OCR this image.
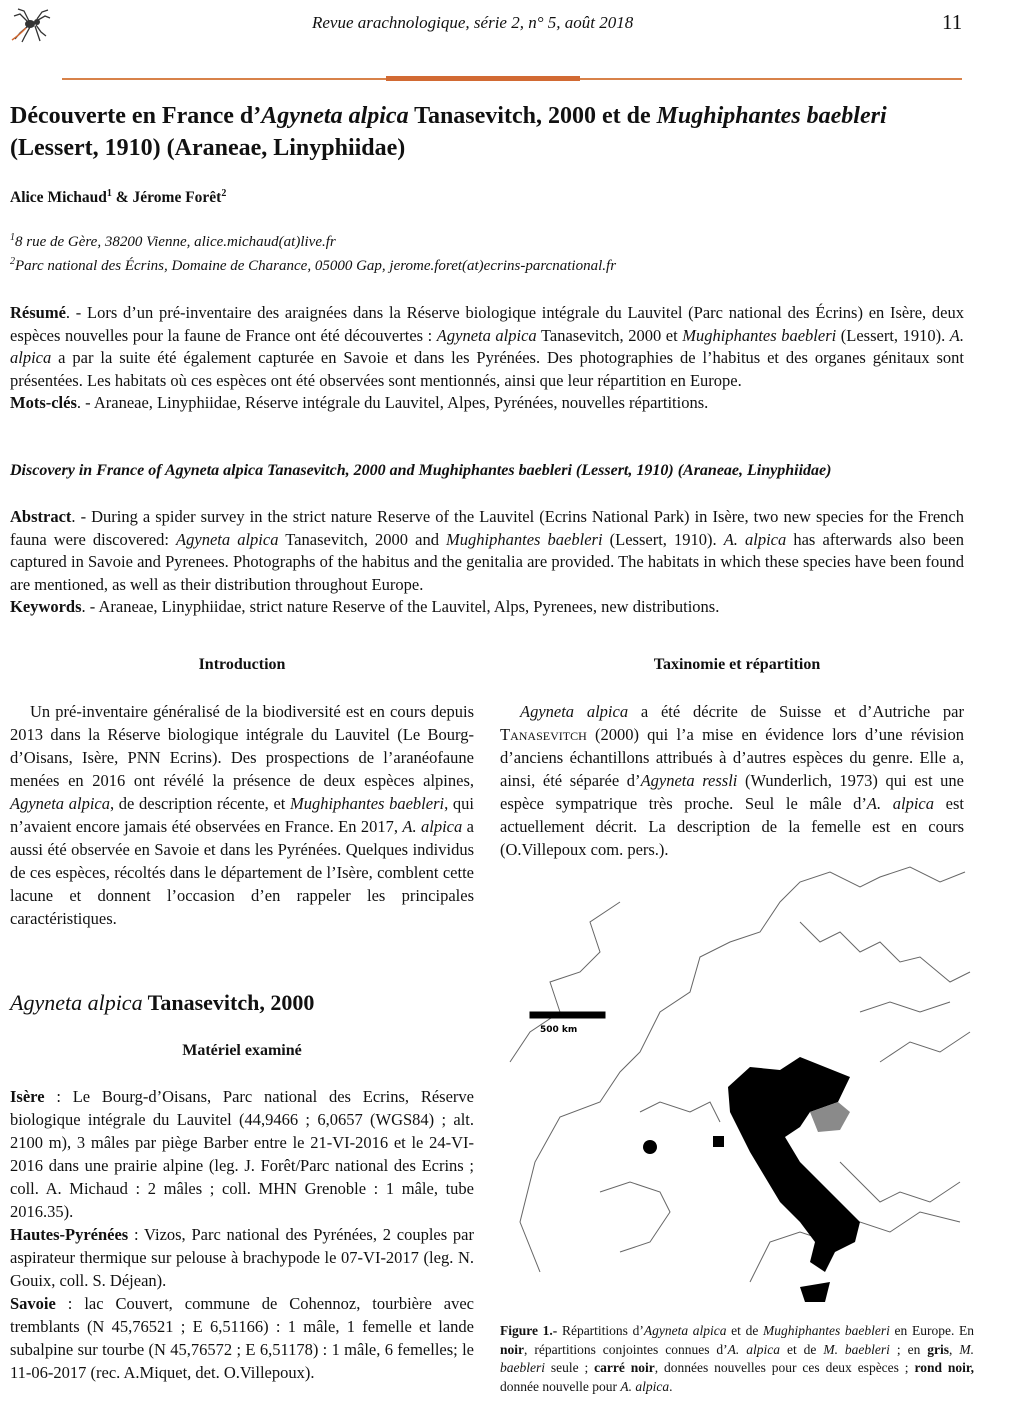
Revue arachnologique, série 2, n° 5, août 2018	11
Découverte en France d’Agyneta alpica Tanasevitch, 2000 et de Mughiphantes baebleri (Lessert, 1910) (Araneae, Linyphiidae)
Alice Michaud$^1$ & Jérome Forêt$^2$
$^1$8 rue de Gère, 38200 Vienne, alice.michaud(at)live.fr
$^2$Parc national des Écrins, Domaine de Charance, 05000 Gap, jerome.foret(at)ecrins-parcnational.fr

Résumé. - Lors d’un pré-inventaire des araignées dans la Réserve biologique intégrale du Lauvitel (Parc national des Écrins) en Isère, deux espèces nouvelles pour la faune de France ont été découvertes : Agyneta alpica Tanasevitch, 2000 et Mughiphantes baebleri (Lessert, 1910). A. alpica a par la suite été également capturée en Savoie et dans les Pyrénées. Des photographies de l’habitus et des organes génitaux sont présentées. Les habitats où ces espèces ont été observées sont mentionnés, ainsi que leur répartition en Europe.

Mots-clés. - Araneae, Linyphiidae, Réserve intégrale du Lauvitel, Alpes, Pyrénées, nouvelles répartitions.

Discovery in France of Agyneta alpica Tanasevitch, 2000 and Mughiphantes baebleri (Lessert, 1910) (Araneae, Linyphiidae)

Abstract. - During a spider survey in the strict nature Reserve of the Lauvitel (Ecrins National Park) in Isère, two new species for the French fauna were discovered: Agyneta alpica Tanasevitch, 2000 and Mughiphantes baebleri (Lessert, 1910). A. alpica has afterwards also been captured in Savoie and Pyrenees. Photographs of the habitus and the genitalia are provided. The habitats in which these species have been found are mentioned, as well as their distribution throughout Europe.

Keywords. - Araneae, Linyphiidae, strict nature Reserve of the Lauvitel, Alps, Pyrenees, new distributions.

Introduction

Un pré-inventaire généralisé de la biodiversité est en cours depuis 2013 dans la Réserve biologique intégrale du Lauvitel (Le Bourg-d’Oisans, Isère, PNN Ecrins). Des prospections de l’aranéofaune menées en 2016 ont révélé la présence de deux espèces alpines, Agyneta alpica, de description récente, et Mughiphantes baebleri, qui n’avaient encore jamais été observées en France. En 2017, A. alpica a aussi été observée en Savoie et dans les Pyrénées. Quelques individus de ces espèces, récoltés dans le département de l’Isère, comblent cette lacune et donnent l’occasion d’en rappeler les principales caractéristiques.

Agyneta alpica Tanasevitch, 2000
Matériel examiné

Isère : Le Bourg-d’Oisans, Parc national des Ecrins, Réserve biologique intégrale du Lauvitel (44,9466 ; 6,0657 (WGS84) ; alt. 2100 m), 3 mâles par piège Barber entre le 21-VI-2016 et le 24-VI-2016 dans une prairie alpine (leg. J. Forêt/Parc national des Ecrins ; coll. A. Michaud : 2 mâles ; coll. MHN Grenoble : 1 mâle, tube 2016.35).

Hautes-Pyrénées : Vizos, Parc national des Pyrénées, 2 couples par aspirateur thermique sur pelouse à brachypode le 07-VI-2017 (leg. N. Gouix, coll. S. Déjean).

Savoie : lac Couvert, commune de Cohennoz, tourbière avec tremblants (N 45,76521 ; E 6,51166) : 1 mâle, 1 femelle et lande subalpine sur tourbe (N 45,76572 ; E 6,51178) : 1 mâle, 6 femelles; le 11-06-2017 (rec. A.Miquet, det. O.Villepoux).

Taxinomie et répartition

Agyneta alpica a été décrite de Suisse et d’Autriche par Tanasevitch (2000) qui l’a mise en évidence lors d’une révision d’anciens échantillons attribués à d’autres espèces du genre. Elle a, ainsi, été séparée d’Agyneta ressli (Wunderlich, 1973) qui est une espèce sympatrique très proche. Seul le mâle d’A. alpica est actuellement décrit. La description de la femelle est en cours (O.Villepoux com. pers.).

500 km
Figure 1.- Répartitions d’Agyneta alpica et de Mughiphantes baebleri en Europe. En noir, répartitions conjointes connues d’A. alpica et de M. baebleri ; en gris, M. baebleri seule ; carré noir, données nouvelles pour ces deux espèces ; rond noir, donnée nouvelle pour A. alpica.
